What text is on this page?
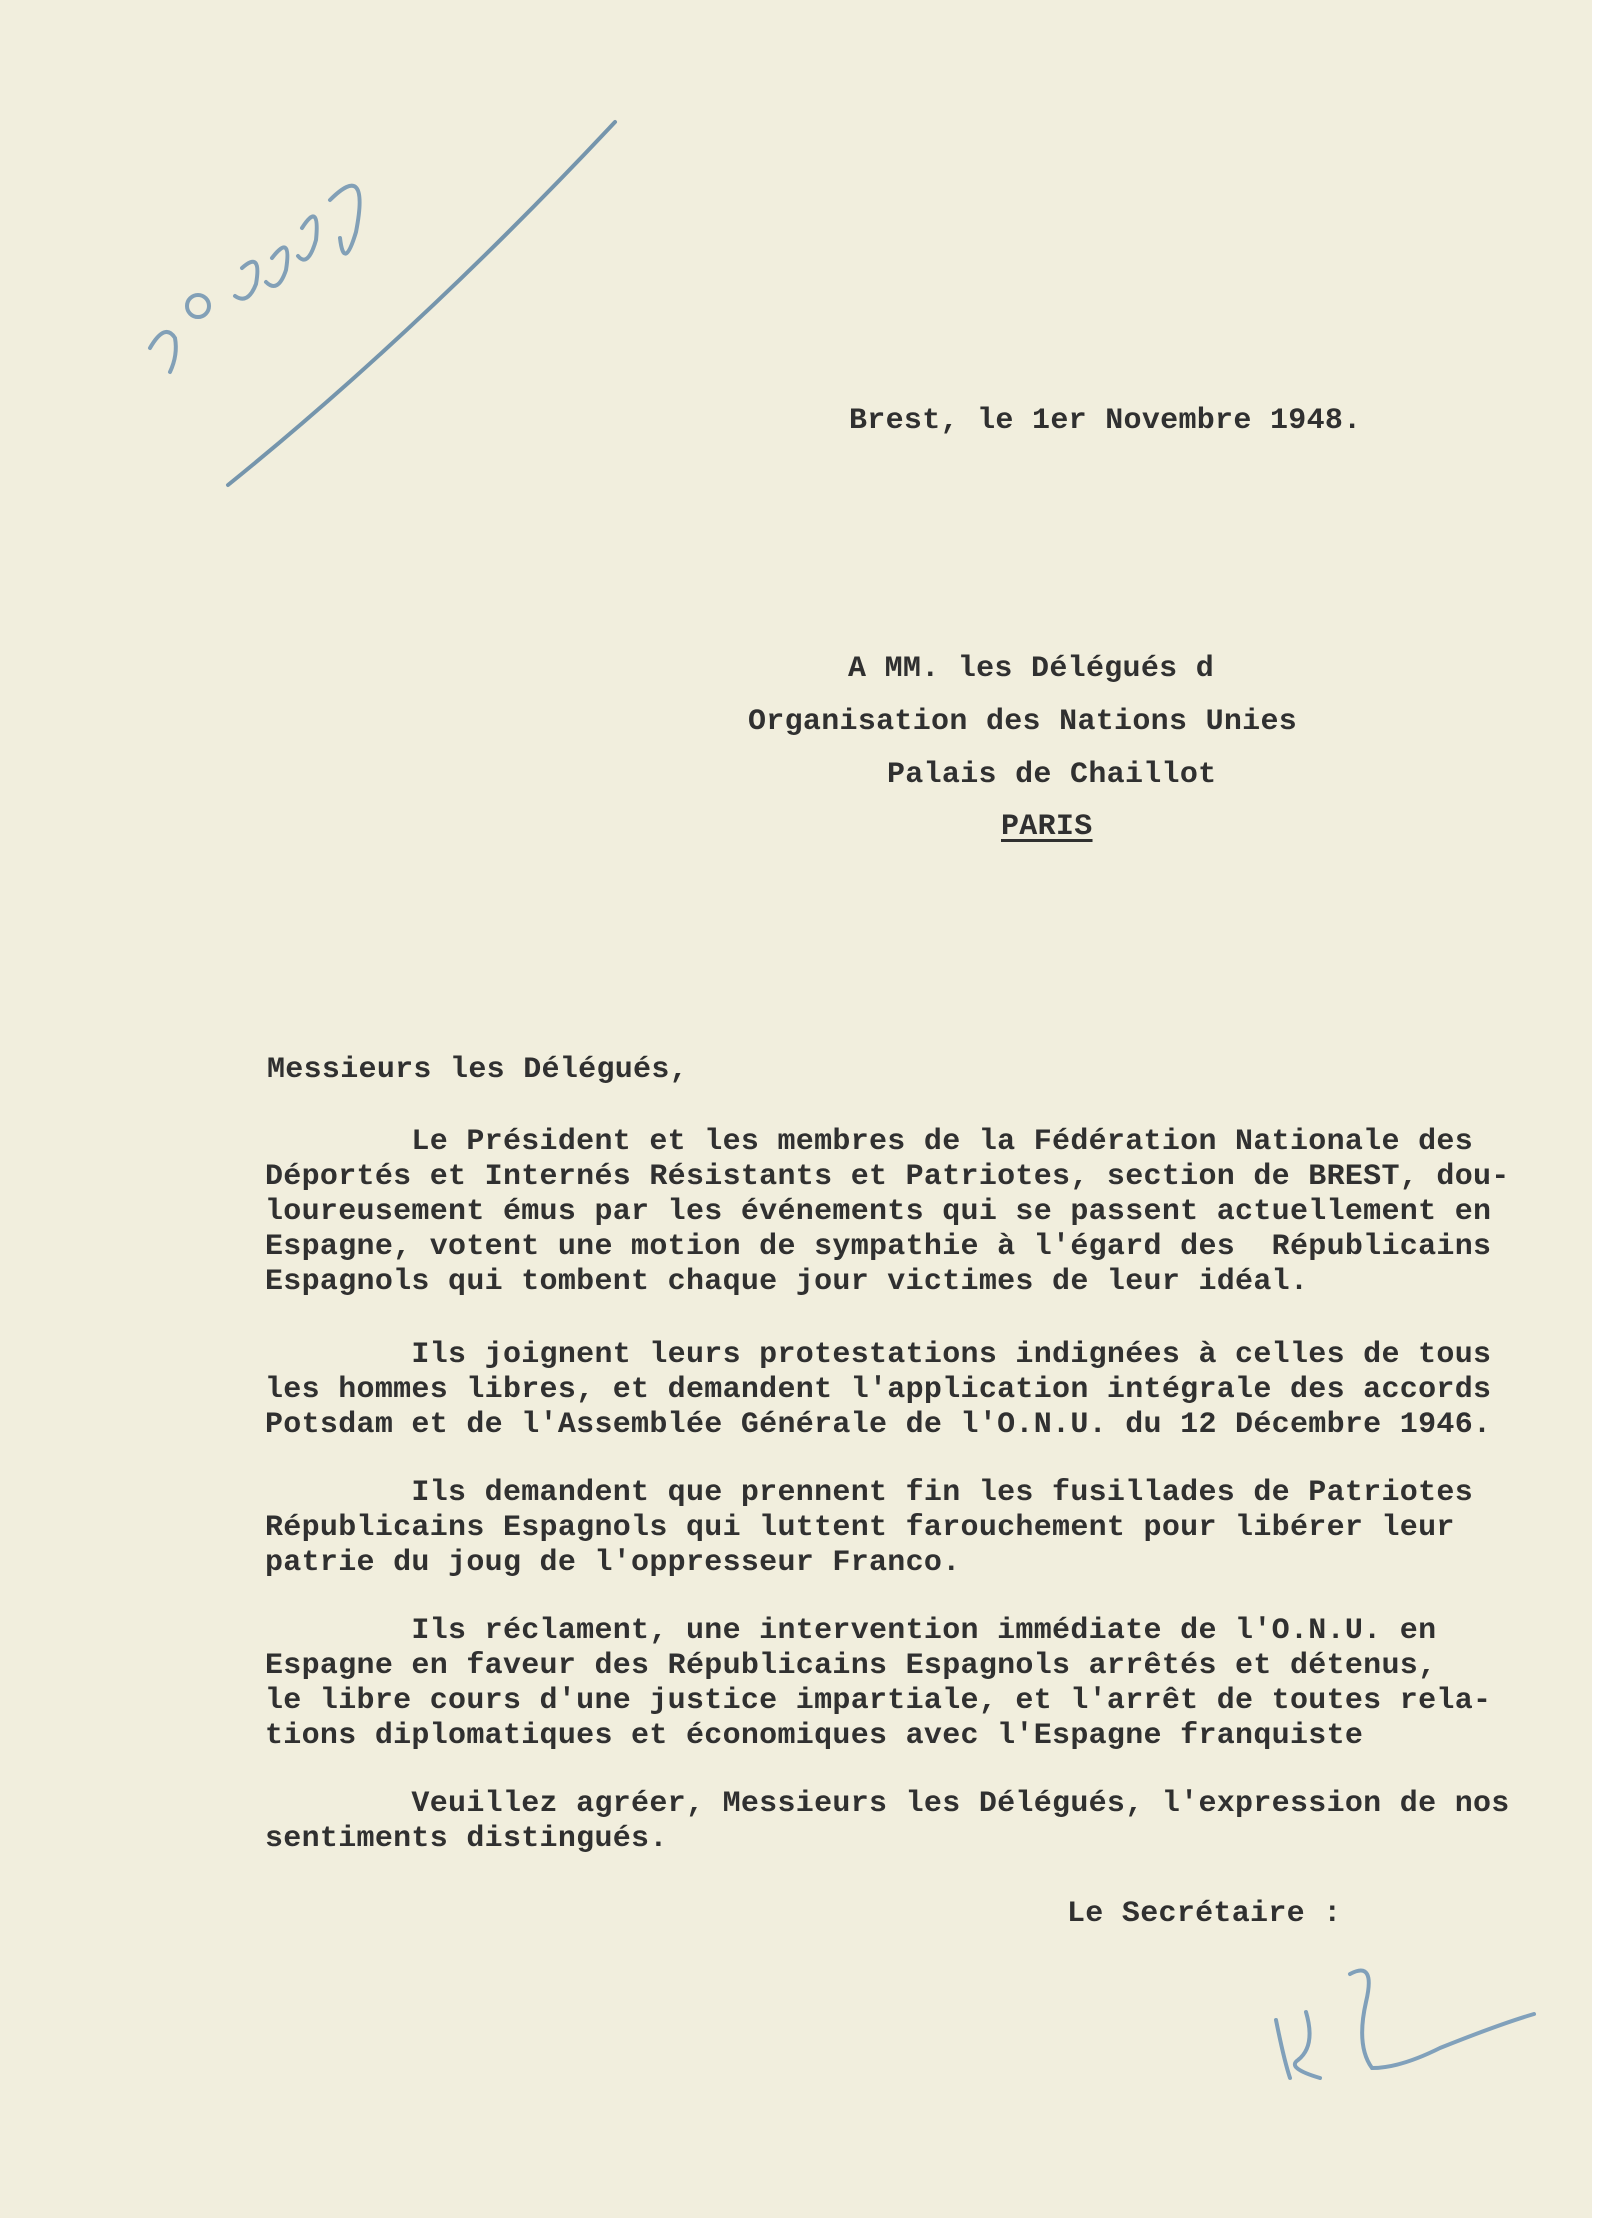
Brest, le 1er Novembre 1948.
A MM. les Délégués d
Organisation des Nations Unies
Palais de Chaillot
PARIS
Messieurs les Délégués,
Le Président et les membres de la Fédération Nationale des
Déportés et Internés Résistants et Patriotes, section de BREST, dou-
loureusement émus par les événements qui se passent actuellement en
Espagne, votent une motion de sympathie à l'égard des  Républicains
Espagnols qui tombent chaque jour victimes de leur idéal.
Ils joignent leurs protestations indignées à celles de tous
les hommes libres, et demandent l'application intégrale des accords
Potsdam et de l'Assemblée Générale de l'O.N.U. du 12 Décembre 1946.
Ils demandent que prennent fin les fusillades de Patriotes
Républicains Espagnols qui luttent farouchement pour libérer leur
patrie du joug de l'oppresseur Franco.
Ils réclament, une intervention immédiate de l'O.N.U. en
Espagne en faveur des Républicains Espagnols arrêtés et détenus,
le libre cours d'une justice impartiale, et l'arrêt de toutes rela-
tions diplomatiques et économiques avec l'Espagne franquiste
Veuillez agréer, Messieurs les Délégués, l'expression de nos
sentiments distingués.
Le Secrétaire :
